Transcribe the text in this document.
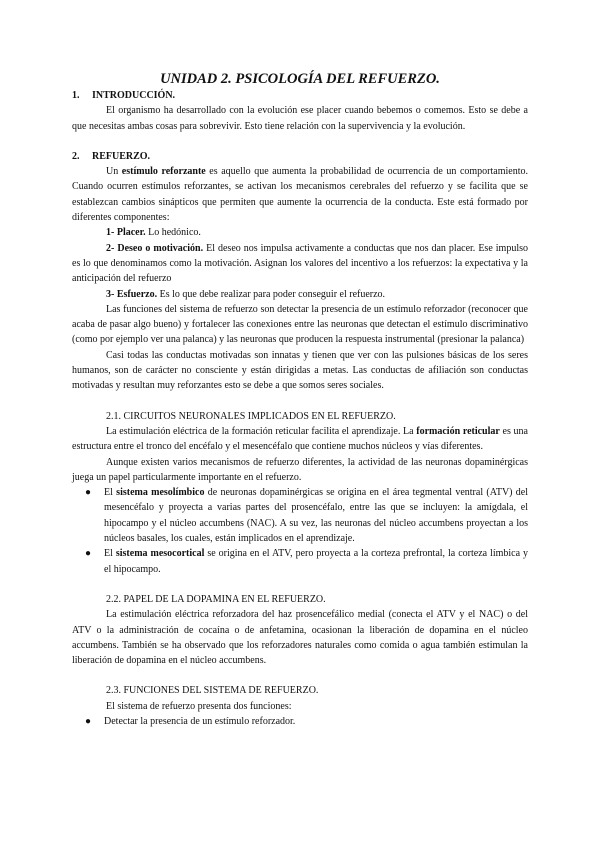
UNIDAD 2. PSICOLOGÍA DEL REFUERZO.
1. INTRODUCCIÓN.

El organismo ha desarrollado con la evolución ese placer cuando bebemos o comemos. Esto se debe a que necesitas ambas cosas para sobrevivir. Esto tiene relación con la supervivencia y la evolución.

2. REFUERZO.

Un estímulo reforzante es aquello que aumenta la probabilidad de ocurrencia de un comportamiento. Cuando ocurren estímulos reforzantes, se activan los mecanismos cerebrales del refuerzo y se facilita que se establezcan cambios sinápticos que permiten que aumente la ocurrencia de la conducta. Este está formado por diferentes componentes:

1- Placer. Lo hedónico.

2- Deseo o motivación. El deseo nos impulsa activamente a conductas que nos dan placer. Ese impulso es lo que denominamos como la motivación. Asignan los valores del incentivo a los refuerzos: la expectativa y la anticipación del refuerzo

3- Esfuerzo. Es lo que debe realizar para poder conseguir el refuerzo.

Las funciones del sistema de refuerzo son detectar la presencia de un estímulo reforzador (reconocer que acaba de pasar algo bueno) y fortalecer las conexiones entre las neuronas que detectan el estímulo discriminativo (como por ejemplo ver una palanca) y las neuronas que producen la respuesta instrumental (presionar la palanca)

Casi todas las conductas motivadas son innatas y tienen que ver con las pulsiones básicas de los seres humanos, son de carácter no consciente y están dirigidas a metas. Las conductas de afiliación son conductas motivadas y resultan muy reforzantes esto se debe a que somos seres sociales.

2.1. CIRCUITOS NEURONALES IMPLICADOS EN EL REFUERZO.

La estimulación eléctrica de la formación reticular facilita el aprendizaje. La formación reticular es una estructura entre el tronco del encéfalo y el mesencéfalo que contiene muchos núcleos y vías diferentes.

Aunque existen varios mecanismos de refuerzo diferentes, la actividad de las neuronas dopaminérgicas juega un papel particularmente importante en el refuerzo.

● El sistema mesolímbico de neuronas dopaminérgicas se origina en el área tegmental ventral (ATV) del mesencéfalo y proyecta a varias partes del prosencéfalo, entre las que se incluyen: la amígdala, el hipocampo y el núcleo accumbens (NAC). A su vez, las neuronas del núcleo accumbens proyectan a los núcleos basales, los cuales, están implicados en el aprendizaje.
● El sistema mesocortical se origina en el ATV, pero proyecta a la corteza prefrontal, la corteza límbica y el hipocampo.

2.2. PAPEL DE LA DOPAMINA EN EL REFUERZO.

La estimulación eléctrica reforzadora del haz prosencefálico medial (conecta el ATV y el NAC) o del ATV o la administración de cocaína o de anfetamina, ocasionan la liberación de dopamina en el núcleo accumbens. También se ha observado que los reforzadores naturales como comida o agua también estimulan la liberación de dopamina en el núcleo accumbens.

2.3. FUNCIONES DEL SISTEMA DE REFUERZO.

El sistema de refuerzo presenta dos funciones:

● Detectar la presencia de un estímulo reforzador.
